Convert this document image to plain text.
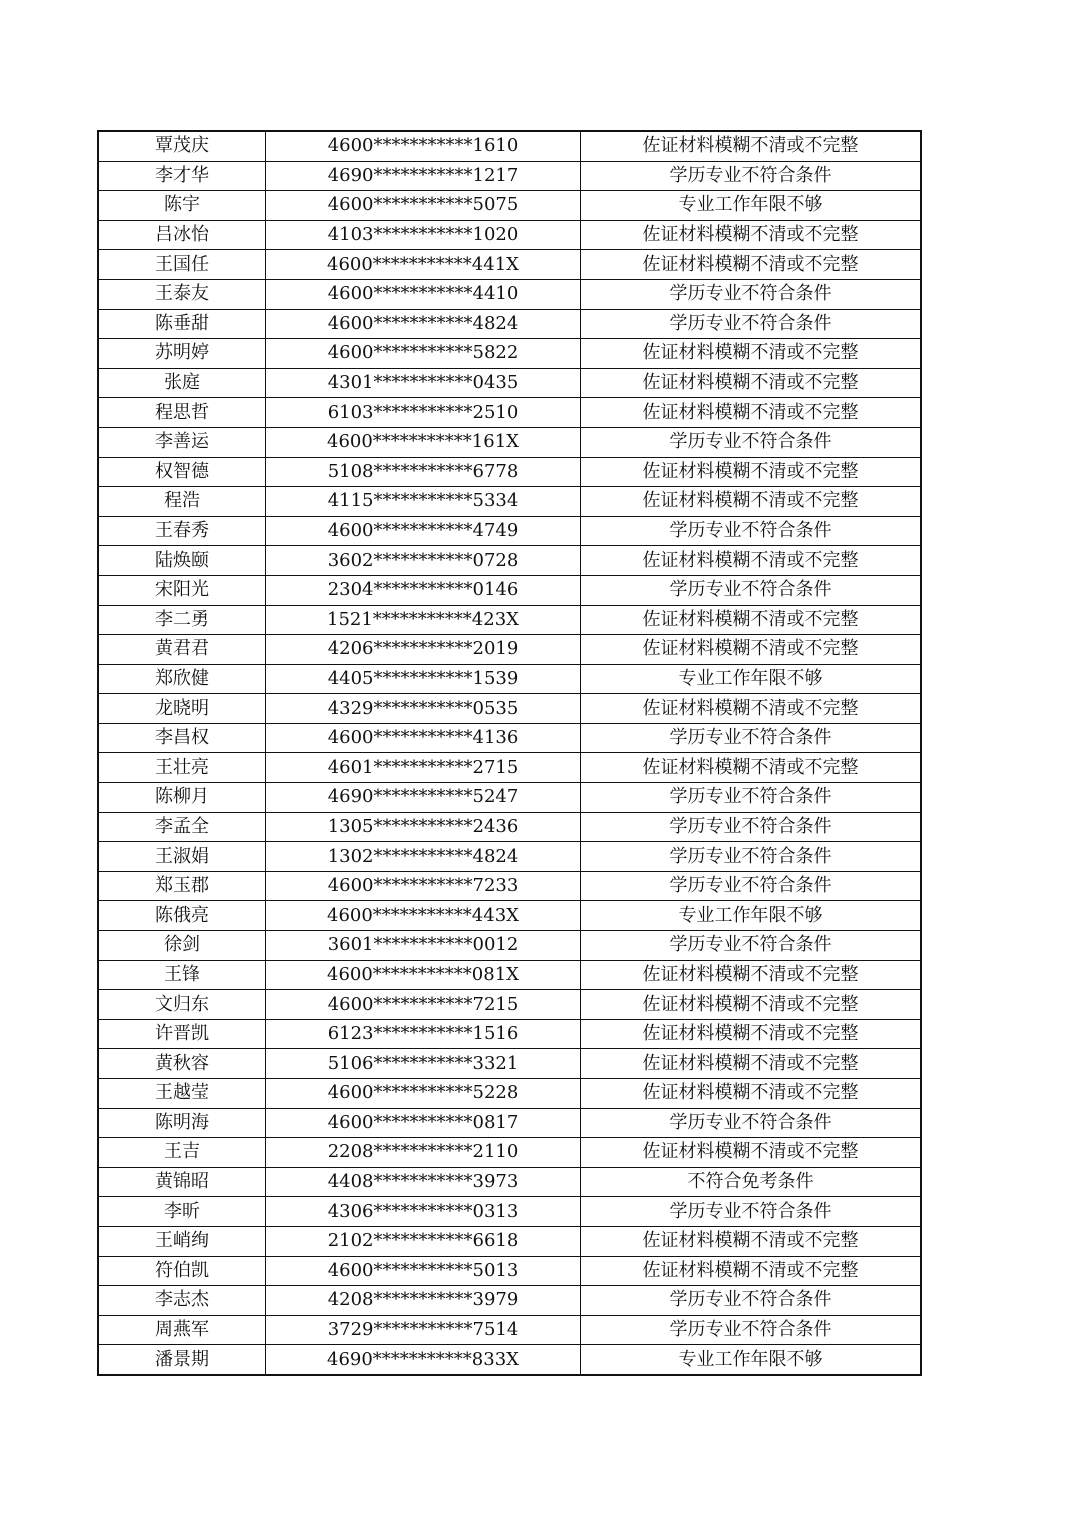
覃茂庆	4600***********1610	佐证材料模糊不清或不完整
李才华	4690***********1217	学历专业不符合条件
陈宇	4600***********5075	专业工作年限不够
吕冰怡	4103***********1020	佐证材料模糊不清或不完整
王国任	4600***********441X	佐证材料模糊不清或不完整
王泰友	4600***********4410	学历专业不符合条件
陈垂甜	4600***********4824	学历专业不符合条件
苏明婷	4600***********5822	佐证材料模糊不清或不完整
张庭	4301***********0435	佐证材料模糊不清或不完整
程思哲	6103***********2510	佐证材料模糊不清或不完整
李善运	4600***********161X	学历专业不符合条件
权智德	5108***********6778	佐证材料模糊不清或不完整
程浩	4115***********5334	佐证材料模糊不清或不完整
王春秀	4600***********4749	学历专业不符合条件
陆焕颐	3602***********0728	佐证材料模糊不清或不完整
宋阳光	2304***********0146	学历专业不符合条件
李二勇	1521***********423X	佐证材料模糊不清或不完整
黄君君	4206***********2019	佐证材料模糊不清或不完整
郑欣健	4405***********1539	专业工作年限不够
龙晓明	4329***********0535	佐证材料模糊不清或不完整
李昌权	4600***********4136	学历专业不符合条件
王壮亮	4601***********2715	佐证材料模糊不清或不完整
陈柳月	4690***********5247	学历专业不符合条件
李孟全	1305***********2436	学历专业不符合条件
王淑娟	1302***********4824	学历专业不符合条件
郑玉郡	4600***********7233	学历专业不符合条件
陈俄亮	4600***********443X	专业工作年限不够
徐剑	3601***********0012	学历专业不符合条件
王锋	4600***********081X	佐证材料模糊不清或不完整
文归东	4600***********7215	佐证材料模糊不清或不完整
许晋凯	6123***********1516	佐证材料模糊不清或不完整
黄秋容	5106***********3321	佐证材料模糊不清或不完整
王越莹	4600***********5228	佐证材料模糊不清或不完整
陈明海	4600***********0817	学历专业不符合条件
王吉	2208***********2110	佐证材料模糊不清或不完整
黄锦昭	4408***********3973	不符合免考条件
李昕	4306***********0313	学历专业不符合条件
王峭绚	2102***********6618	佐证材料模糊不清或不完整
符伯凯	4600***********5013	佐证材料模糊不清或不完整
李志杰	4208***********3979	学历专业不符合条件
周燕军	3729***********7514	学历专业不符合条件
潘景期	4690***********833X	专业工作年限不够
